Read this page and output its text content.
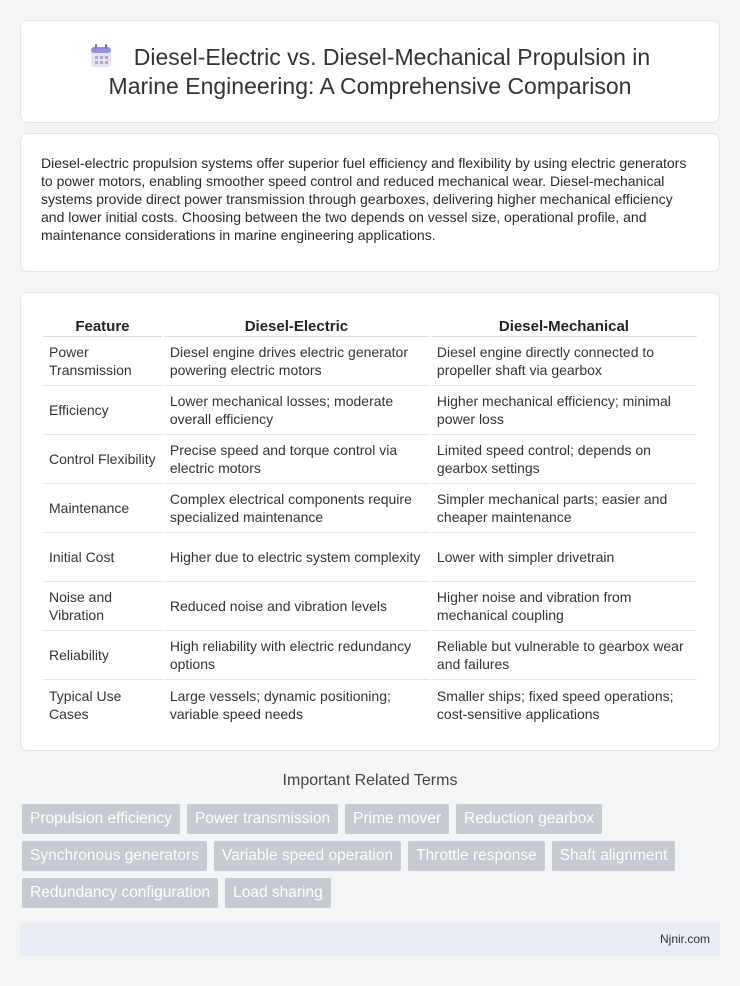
Diesel-Electric vs. Diesel-Mechanical Propulsion in
Marine Engineering: A Comprehensive Comparison

Diesel-electric propulsion systems offer superior fuel efficiency and flexibility by using electric generators to power motors, enabling smoother speed control and reduced mechanical wear. Diesel-mechanical systems provide direct power transmission through gearboxes, delivering higher mechanical efficiency and lower initial costs. Choosing between the two depends on vessel size, operational profile, and maintenance considerations in marine engineering applications.

Feature	Diesel-Electric	Diesel-Mechanical
Power Transmission	Diesel engine drives electric generator powering electric motors	Diesel engine directly connected to propeller shaft via gearbox
Efficiency	Lower mechanical losses; moderate overall efficiency	Higher mechanical efficiency; minimal power loss
Control Flexibility	Precise speed and torque control via electric motors	Limited speed control; depends on gearbox settings
Maintenance	Complex electrical components require specialized maintenance	Simpler mechanical parts; easier and cheaper maintenance
Initial Cost	Higher due to electric system complexity	Lower with simpler drivetrain
Noise and Vibration	Reduced noise and vibration levels	Higher noise and vibration from mechanical coupling
Reliability	High reliability with electric redundancy options	Reliable but vulnerable to gearbox wear and failures
Typical Use Cases	Large vessels; dynamic positioning; variable speed needs	Smaller ships; fixed speed operations; cost-sensitive applications
Important Related Terms
Propulsion efficiency	Power transmission	Prime mover	Reduction gearbox
Synchronous generators	Variable speed operation	Throttle response	Shaft alignment
Redundancy configuration	Load sharing
Njnir.com
